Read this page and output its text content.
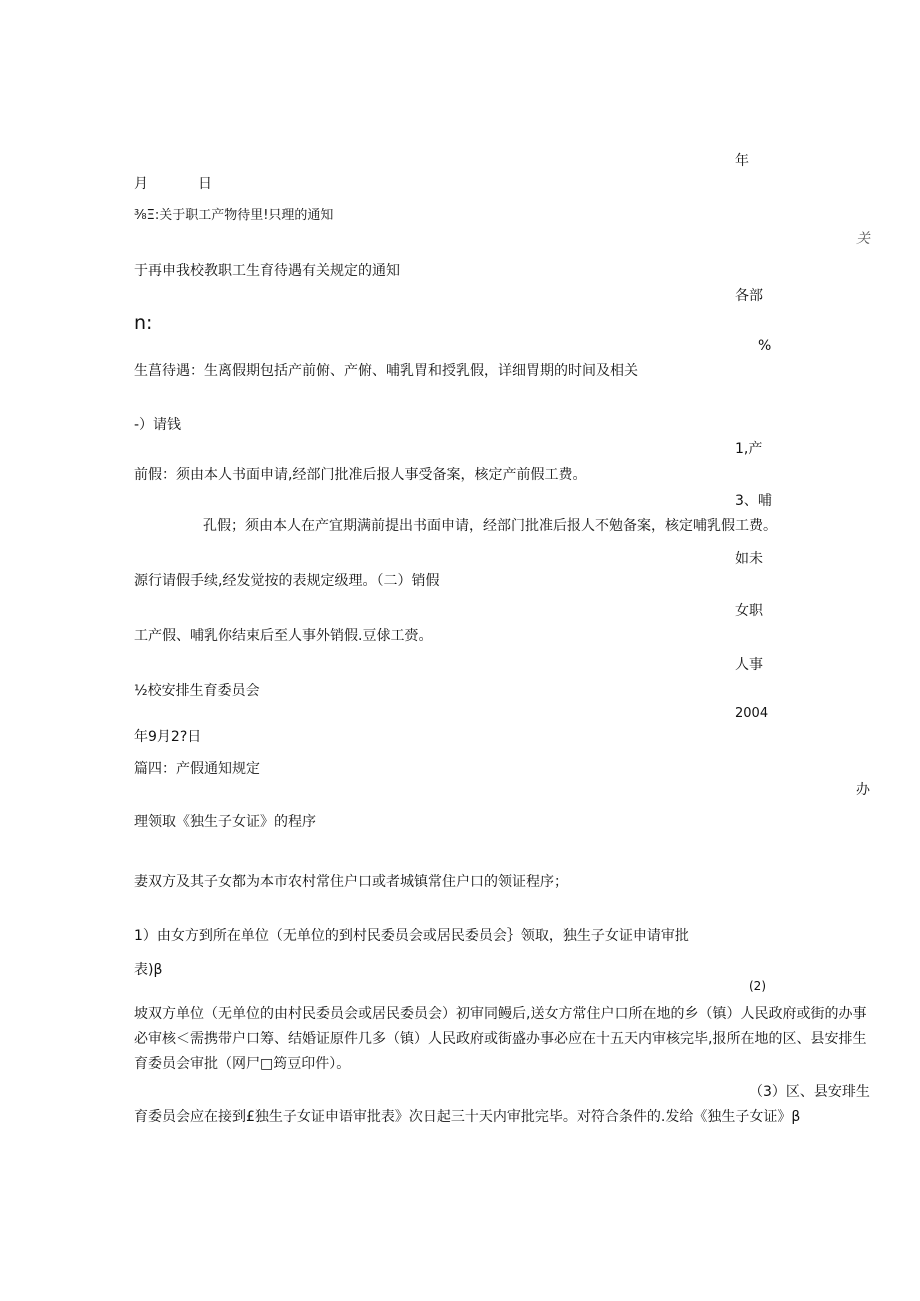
年
月	日
⅜Ξ:关于职工产物待里!只理的通知
关
于再申我校教职工生育待遇有关规定的通知
各部
n:
%
生菖待遇：生离假期包括产前俯、产俯、哺乳胃和授乳假，详细胃期的时间及相关
-）请钱
1,产
前假：须由本人书面申请,经部门批准后报人事受备案，核定产前假工费。
3、哺
孔假；须由本人在产宜期满前提出书面申请，经部门批准后报人不勉备案，核定哺乳假工费。
如未
源行请假手续,经发觉按的表规定级理。（二）销假
女职
工产假、哺乳你结束后至人事外销假.豆俅工赍。
人事
½校安排生育委员会
2004
年9月2?日
篇四：产假通知规定
办
理领取《独生子女证》的程序
妻双方及其子女都为本市农村常住户口或者城镇常住户口的领证程序；
1）由女方到所在单位（无单位的到村民委员会或居民委员会｝领取，独生子女证申请审批
表)β
(2)
坡双方单位（无单位的由村民委员会或居民委员会）初审同鳗后,送女方常住户口所在地的乡（镇）人民政府或街的办事必审核＜需携带户口筹、结婚证原件几多（镇）人民政府或街盛办事必应在十五天内审核完毕,报所在地的区、县安排生育委员会审批（网尸□筠豆印件）。
（3）区、县安琲生
育委员会应在接到£独生子女证申语审批表》次日起三十天内审批完毕。对符合条件的.发给《独生子女证》β
